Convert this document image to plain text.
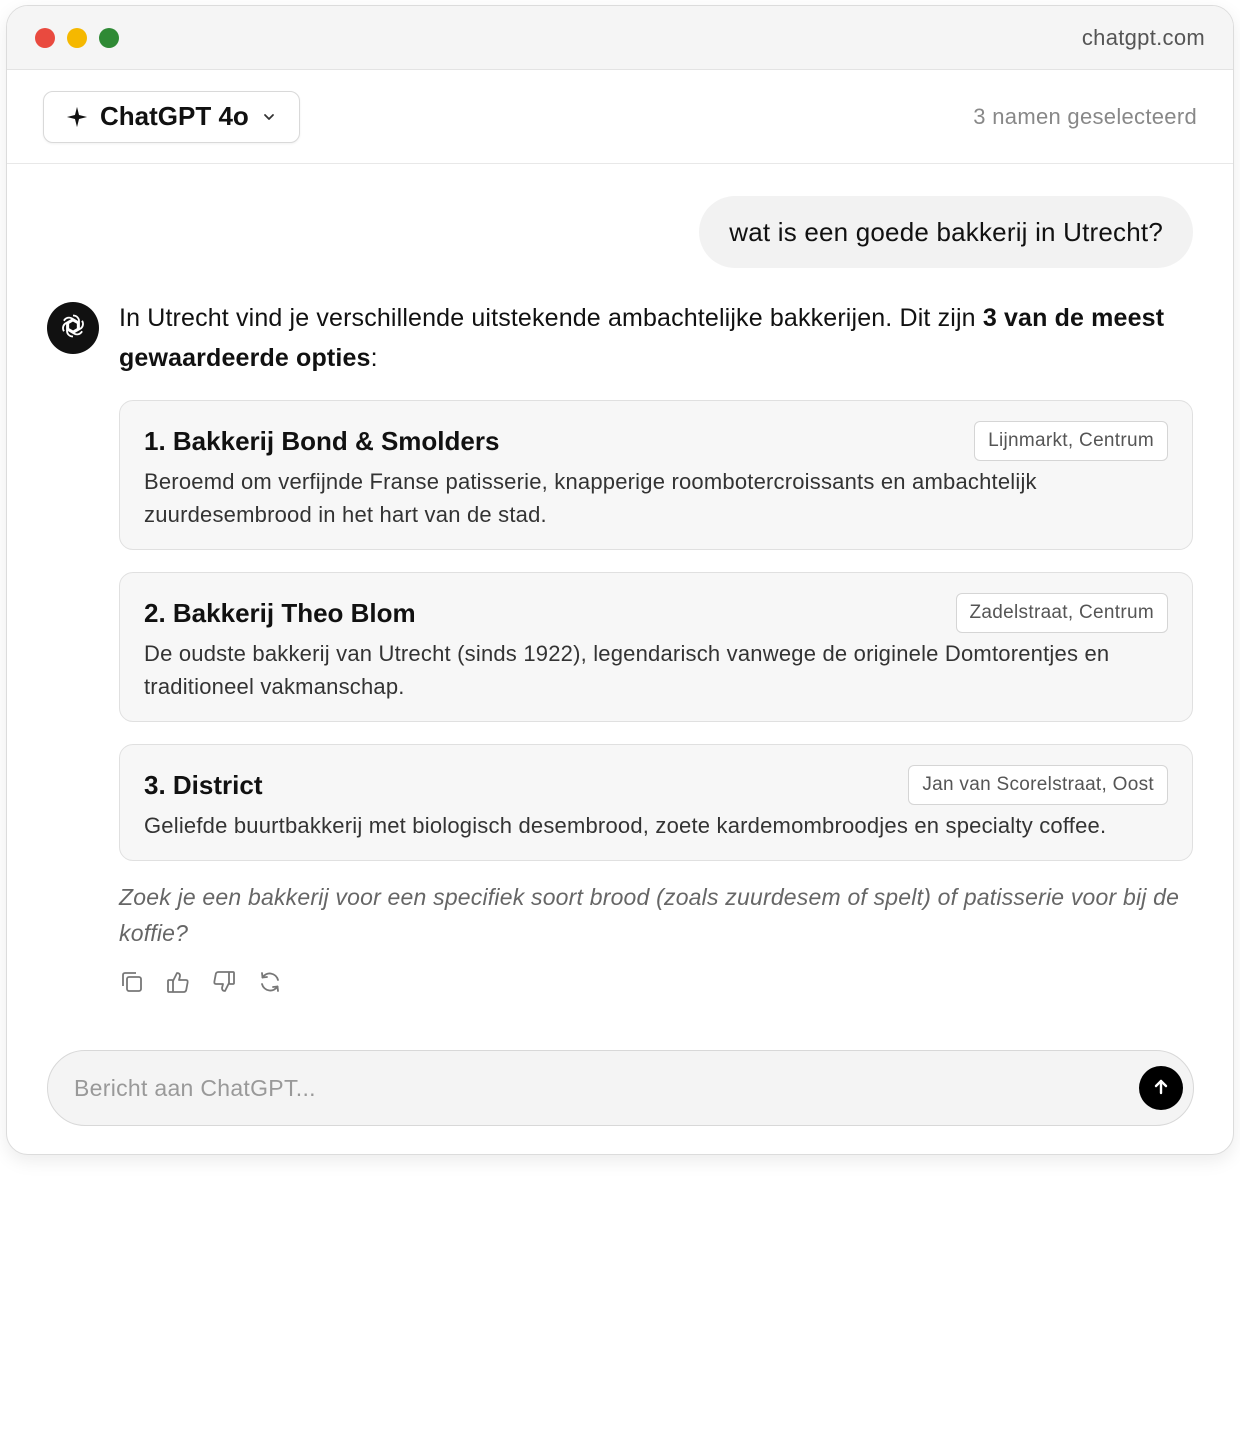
chatgpt.com
ChatGPT 4o	3 namen geselecteerd
wat is een goede bakkerij in Utrecht?

In Utrecht vind je verschillende uitstekende ambachtelijke bakkerijen. Dit zijn 3 van de meest gewaardeerde opties:

1. Bakkerij Bond & Smolders	Lijnmarkt, Centrum

Beroemd om verfijnde Franse patisserie, knapperige roombotercroissants en ambachtelijk zuurdesembrood in het hart van de stad.

2. Bakkerij Theo Blom	Zadelstraat, Centrum

De oudste bakkerij van Utrecht (sinds 1922), legendarisch vanwege de originele Domtorentjes en traditioneel vakmanschap.

3. District	Jan van Scorelstraat, Oost

Geliefde buurtbakkerij met biologisch desembrood, zoete kardemombroodjes en specialty coffee.

Zoek je een bakkerij voor een specifiek soort brood (zoals zuurdesem of spelt) of patisserie voor bij de koffie?

Bericht aan ChatGPT...
